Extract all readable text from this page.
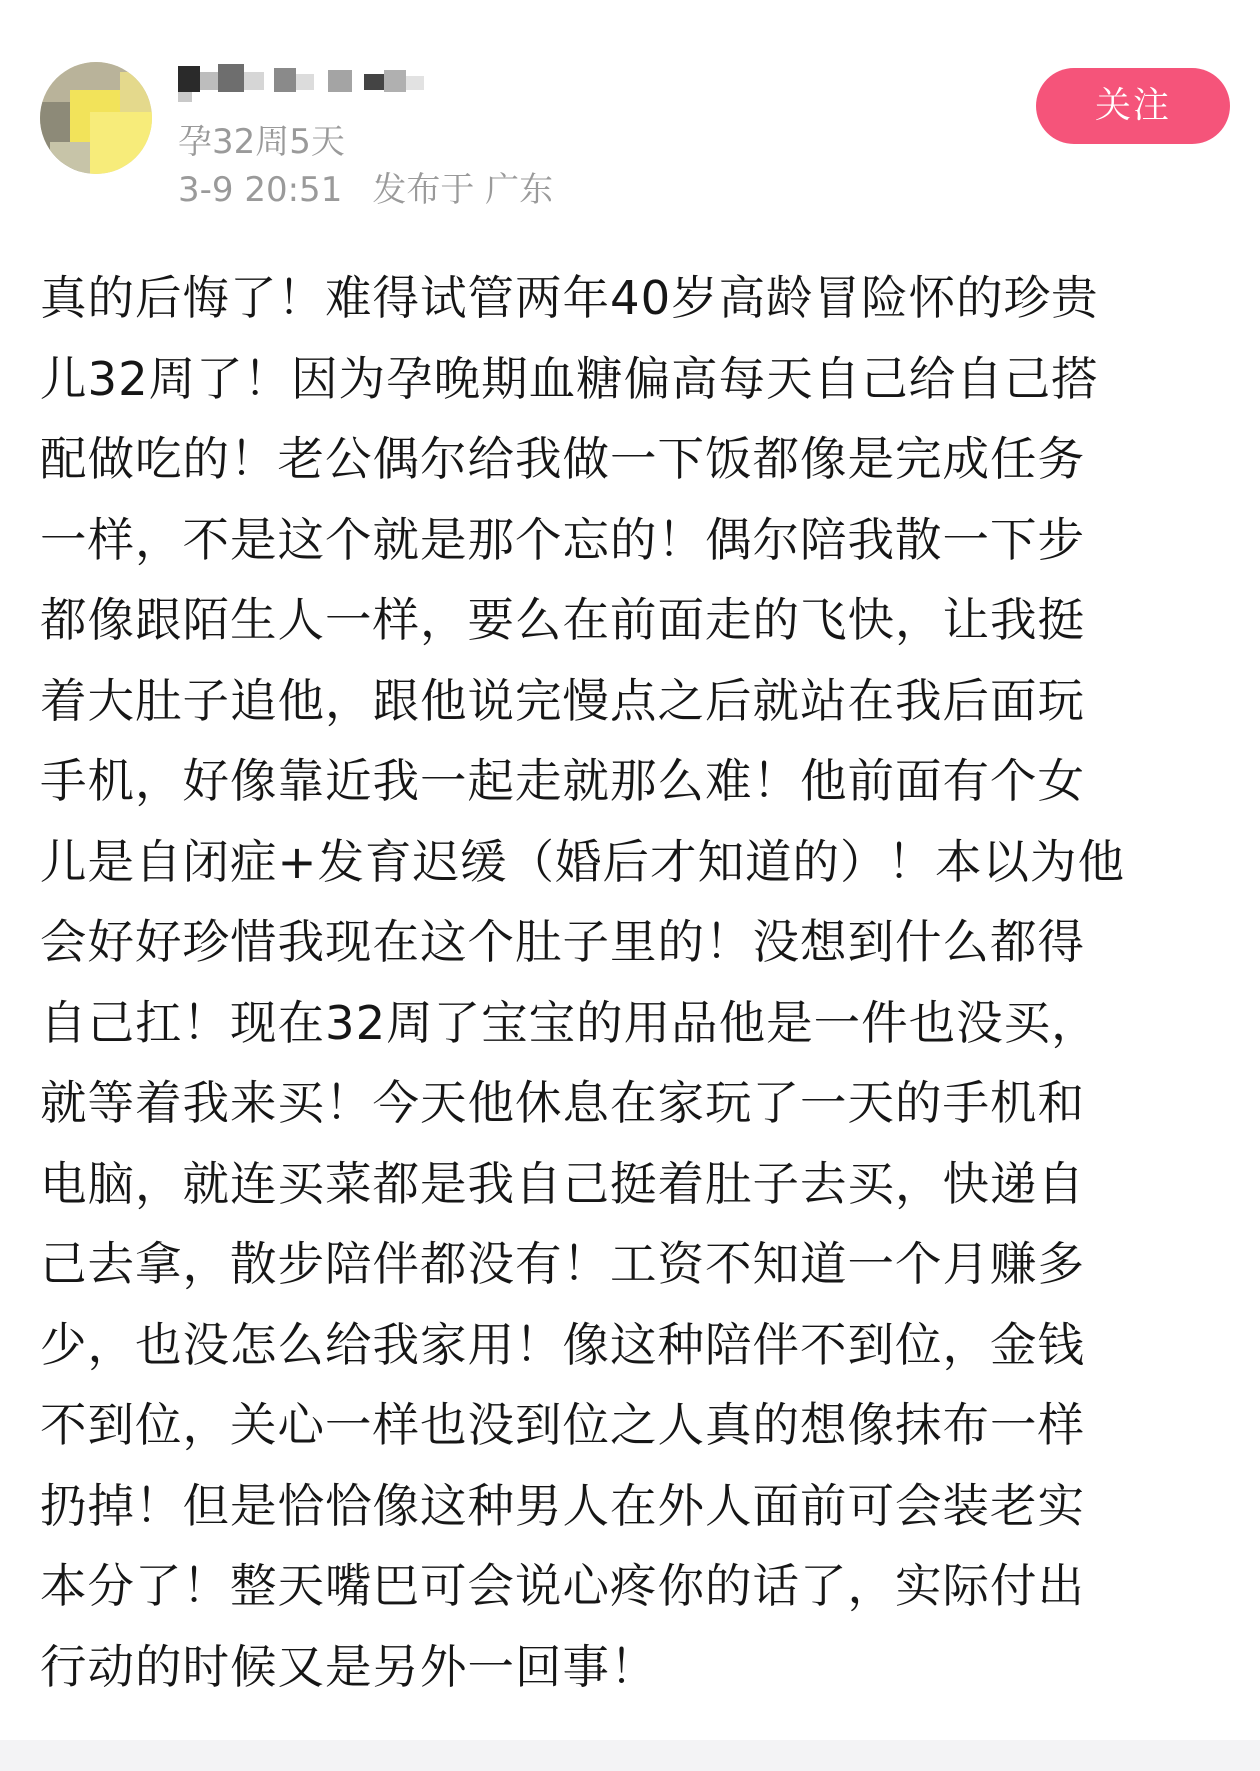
孕32周5天
3-9 20:51 发布于 广东
关注
真的后悔了！难得试管两年40岁高龄冒险怀的珍贵
儿32周了！因为孕晚期血糖偏高每天自己给自己搭
配做吃的！老公偶尔给我做一下饭都像是完成任务
一样，不是这个就是那个忘的！偶尔陪我散一下步
都像跟陌生人一样，要么在前面走的飞快，让我挺
着大肚子追他，跟他说完慢点之后就站在我后面玩
手机，好像靠近我一起走就那么难！他前面有个女
儿是自闭症+发育迟缓（婚后才知道的）！本以为他
会好好珍惜我现在这个肚子里的！没想到什么都得
自己扛！现在32周了宝宝的用品他是一件也没买，
就等着我来买！今天他休息在家玩了一天的手机和
电脑，就连买菜都是我自己挺着肚子去买，快递自
己去拿，散步陪伴都没有！工资不知道一个月赚多
少，也没怎么给我家用！像这种陪伴不到位，金钱
不到位，关心一样也没到位之人真的想像抹布一样
扔掉！但是恰恰像这种男人在外人面前可会装老实
本分了！整天嘴巴可会说心疼你的话了，实际付出
行动的时候又是另外一回事！
